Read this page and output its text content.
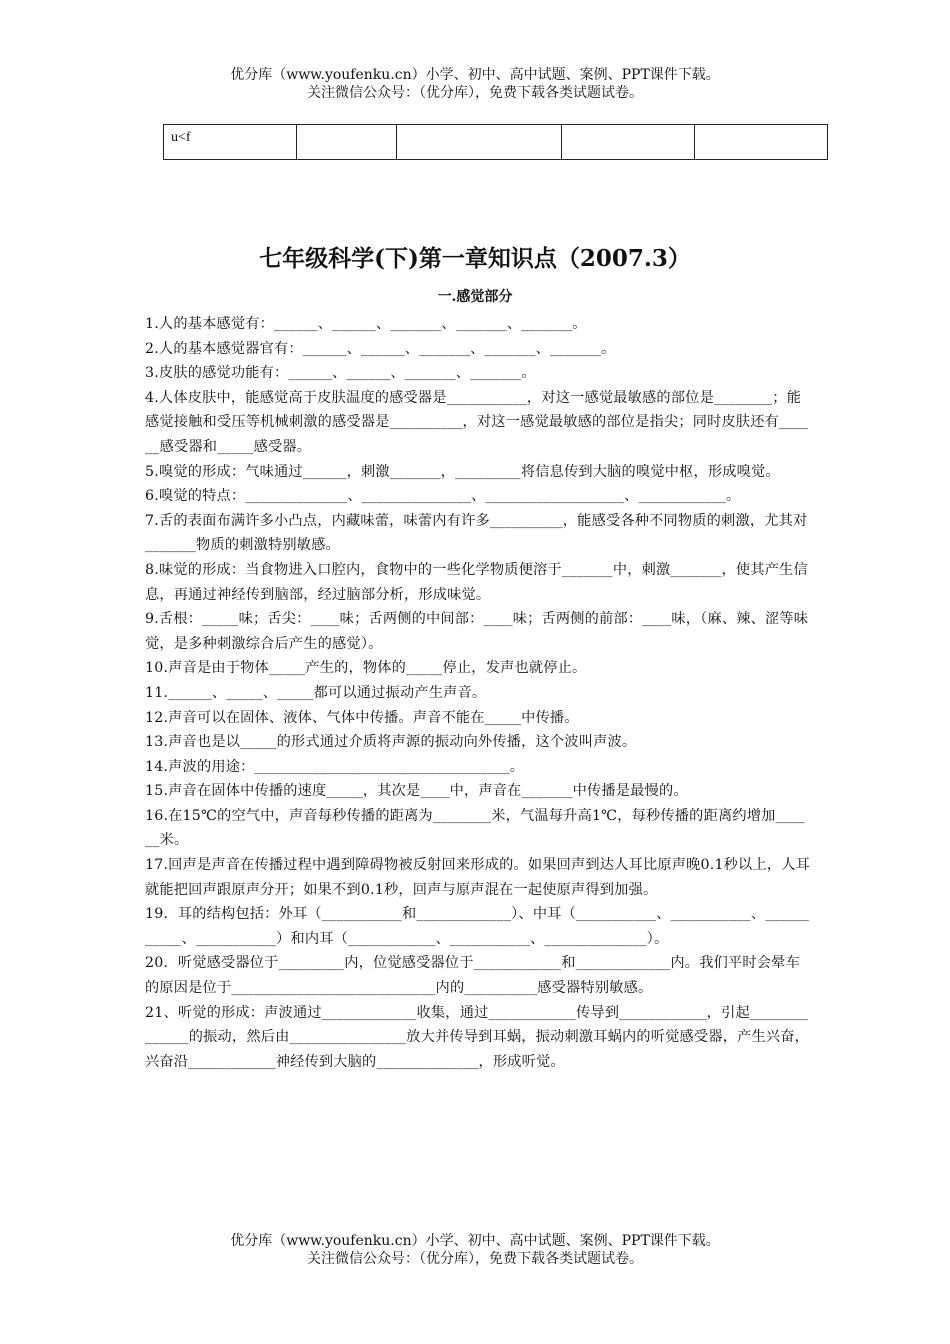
优分库（www.youfenku.cn）小学、初中、高中试题、案例、PPT课件下载。
关注微信公众号：（优分库），免费下载各类试题试卷。
u<f				
七年级科学(下)第一章知识点（2007.3）
一.感觉部分

1.人的基本感觉有：______、______、_______、_______、_______。

2.人的基本感觉器官有：______、______、_______、_______、_______。

3.皮肤的感觉功能有：______、______、_______、_______。

4.人体皮肤中，能感觉高于皮肤温度的感受器是___________，对这一感觉最敏感的部位是________；能感觉接触和受压等机械刺激的感受器是__________，对这一感觉最敏感的部位是指尖；同时皮肤还有______感受器和_____感受器。

5.嗅觉的形成：气味通过______，刺激_______，_________将信息传到大脑的嗅觉中枢，形成嗅觉。

6.嗅觉的特点：______________、_______________、___________________、____________。

7.舌的表面布满许多小凸点，内藏味蕾，味蕾内有许多__________，能感受各种不同物质的刺激，尤其对_______物质的刺激特别敏感。

8.味觉的形成：当食物进入口腔内，食物中的一些化学物质便溶于_______中，刺激_______，使其产生信息，再通过神经传到脑部，经过脑部分析，形成味觉。

9.舌根：_____味；舌尖：____味；舌两侧的中间部：____味；舌两侧的前部：____味，（麻、辣、涩等味觉，是多种刺激综合后产生的感觉）。

10.声音是由于物体_____产生的，物体的_____停止，发声也就停止。

11.______、_____、_____都可以通过振动产生声音。

12.声音可以在固体、液体、气体中传播。声音不能在_____中传播。

13.声音也是以_____的形式通过介质将声源的振动向外传播，这个波叫声波。

14.声波的用途：___________________________________。

15.声音在固体中传播的速度_____，其次是____中，声音在_______中传播是最慢的。

16.在15℃的空气中，声音每秒传播的距离为________米，气温每升高1℃，每秒传播的距离约增加______米。

17.回声是声音在传播过程中遇到障碍物被反射回来形成的。如果回声到达人耳比原声晚0.1秒以上，人耳就能把回声跟原声分开；如果不到0.1秒，回声与原声混在一起使原声得到加强。

19．耳的结构包括：外耳（___________和_____________）、中耳（___________、___________、___________、___________）和内耳（____________、___________、______________）。

20．听觉感受器位于_________内，位觉感受器位于____________和_____________内。我们平时会晕车的原因是位于____________________________内的__________感受器特别敏感。

21、听觉的形成：声波通过_____________收集，通过____________传导到____________，引起______________的振动，然后由________________放大并传导到耳蜗，振动刺激耳蜗内的听觉感受器，产生兴奋，兴奋沿____________神经传到大脑的______________，形成听觉。

优分库（www.youfenku.cn）小学、初中、高中试题、案例、PPT课件下载。
关注微信公众号：（优分库），免费下载各类试题试卷。
